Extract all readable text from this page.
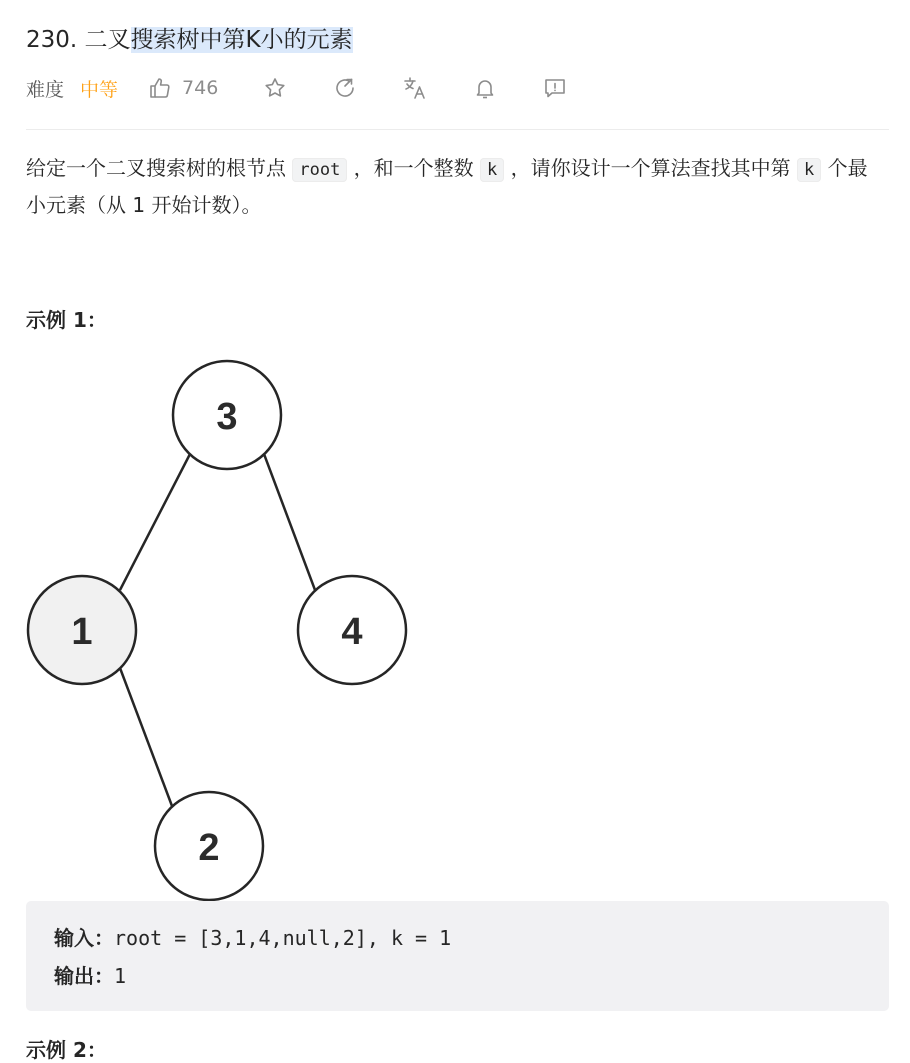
230. 二叉搜索树中第K小的元素
难度 中等	746
给定一个二叉搜索树的根节点 root ，和一个整数 k ，请你设计一个算法查找其中第 k 个最小元素（从 1 开始计数）。
示例 1：
3
1	4
2
输入：root = [3,1,4,null,2], k = 1
输出：1
示例 2：
